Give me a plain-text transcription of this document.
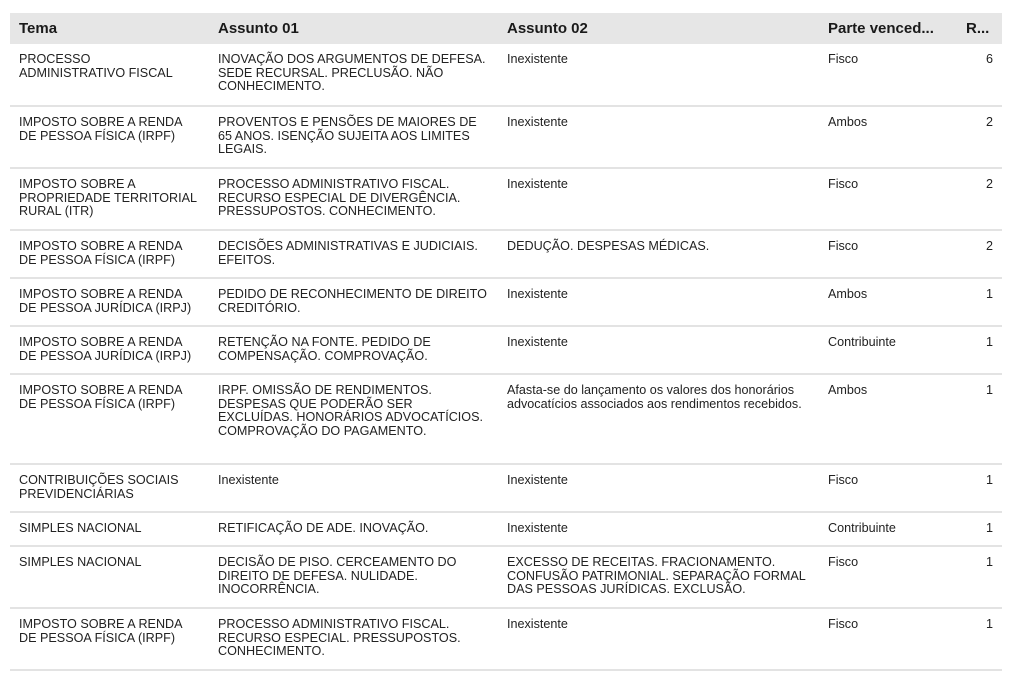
Tema	Assunto 01	Assunto 02	Parte venced...	R...
PROCESSO ADMINISTRATIVO FISCAL	INOVAÇÃO DOS ARGUMENTOS DE DEFESA. SEDE RECURSAL. PRECLUSÃO. NÃO CONHECIMENTO.	Inexistente	Fisco	6
IMPOSTO SOBRE A RENDA DE PESSOA FÍSICA (IRPF)	PROVENTOS E PENSÕES DE MAIORES DE 65 ANOS. ISENÇÃO SUJEITA AOS LIMITES LEGAIS.	Inexistente	Ambos	2
IMPOSTO SOBRE A PROPRIEDADE TERRITORIAL RURAL (ITR)	PROCESSO ADMINISTRATIVO FISCAL. RECURSO ESPECIAL DE DIVERGÊNCIA. PRESSUPOSTOS. CONHECIMENTO.	Inexistente	Fisco	2
IMPOSTO SOBRE A RENDA DE PESSOA FÍSICA (IRPF)	DECISÕES ADMINISTRATIVAS E JUDICIAIS. EFEITOS.	DEDUÇÃO. DESPESAS MÉDICAS.	Fisco	2
IMPOSTO SOBRE A RENDA DE PESSOA JURÍDICA (IRPJ)	PEDIDO DE RECONHECIMENTO DE DIREITO CREDITÓRIO.	Inexistente	Ambos	1
IMPOSTO SOBRE A RENDA DE PESSOA JURÍDICA (IRPJ)	RETENÇÃO NA FONTE. PEDIDO DE COMPENSAÇÃO. COMPROVAÇÃO.	Inexistente	Contribuinte	1
IMPOSTO SOBRE A RENDA DE PESSOA FÍSICA (IRPF)	IRPF. OMISSÃO DE RENDIMENTOS. DESPESAS QUE PODERÃO SER EXCLUÍDAS. HONORÁRIOS ADVOCATÍCIOS. COMPROVAÇÃO DO PAGAMENTO.	Afasta-se do lançamento os valores dos honorários advocatícios associados aos rendimentos recebidos.	Ambos	1
CONTRIBUIÇÕES SOCIAIS PREVIDENCIÁRIAS	Inexistente	Inexistente	Fisco	1
SIMPLES NACIONAL	RETIFICAÇÃO DE ADE. INOVAÇÃO.	Inexistente	Contribuinte	1
SIMPLES NACIONAL	DECISÃO DE PISO. CERCEAMENTO DO DIREITO DE DEFESA. NULIDADE. INOCORRÊNCIA.	EXCESSO DE RECEITAS. FRACIONAMENTO. CONFUSÃO PATRIMONIAL. SEPARAÇÃO FORMAL DAS PESSOAS JURÍDICAS. EXCLUSÃO.	Fisco	1
IMPOSTO SOBRE A RENDA DE PESSOA FÍSICA (IRPF)	PROCESSO ADMINISTRATIVO FISCAL. RECURSO ESPECIAL. PRESSUPOSTOS. CONHECIMENTO.	Inexistente	Fisco	1
